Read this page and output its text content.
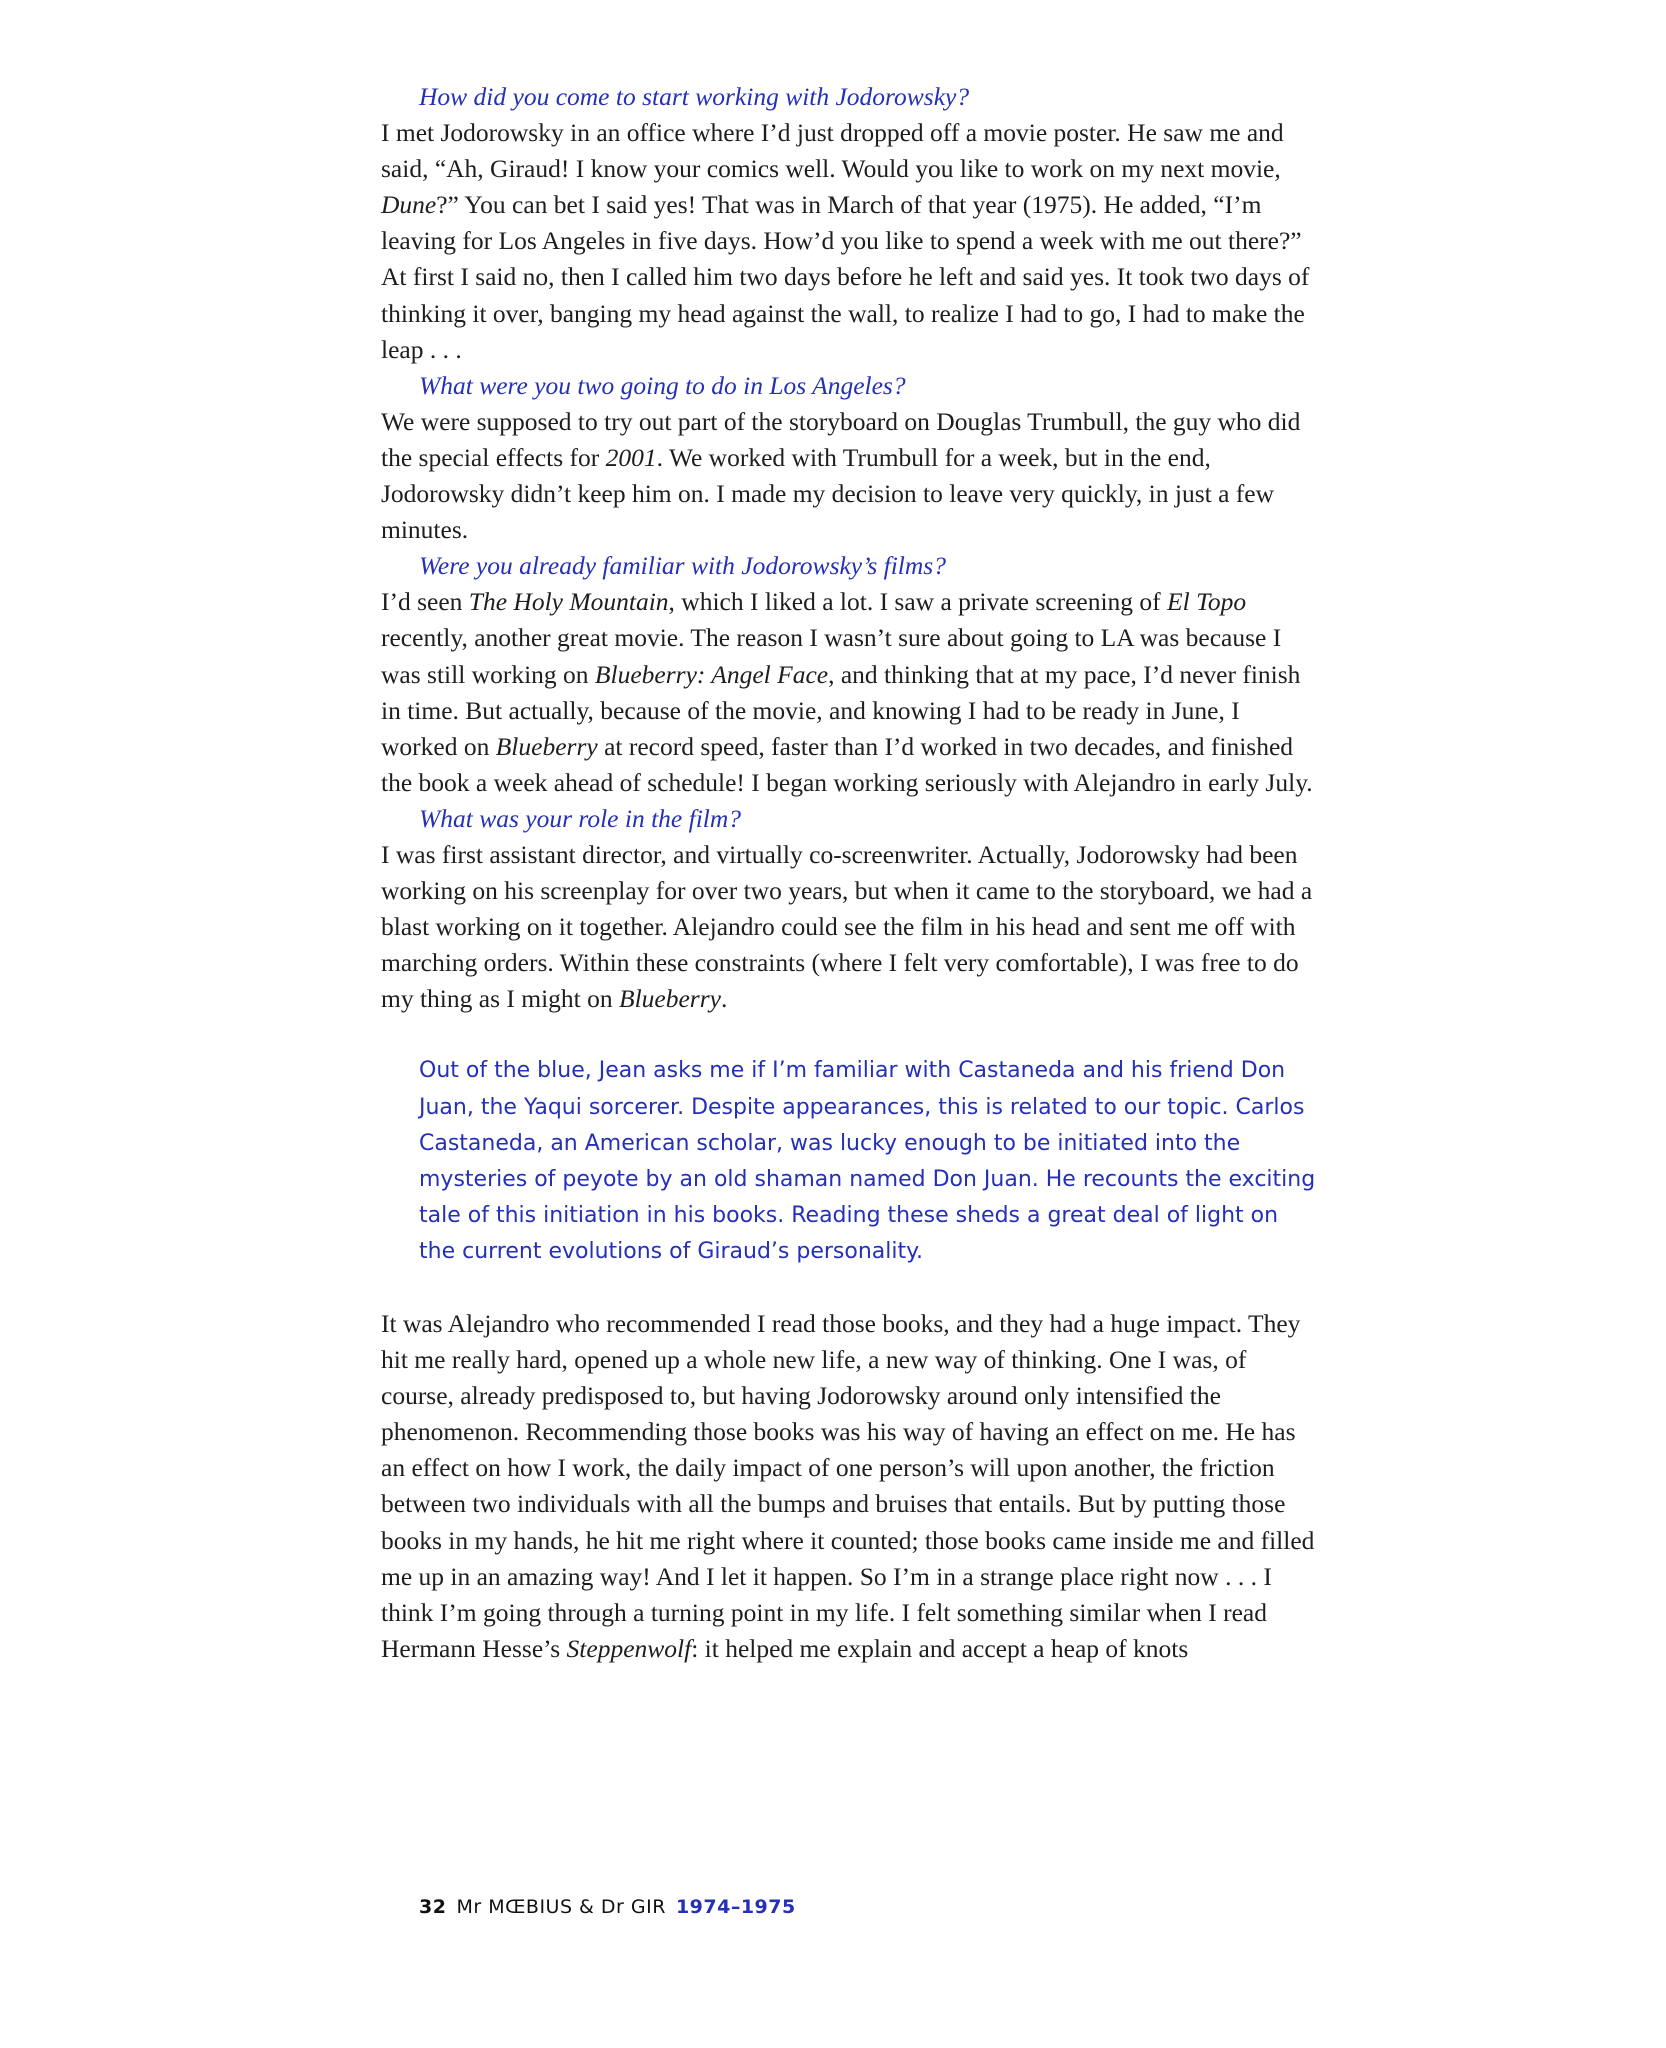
How did you come to start working with Jodorowsky?

I met Jodorowsky in an office where I’d just dropped off a movie poster. He saw me and said, “Ah, Giraud! I know your comics well. Would you like to work on my next movie, Dune?” You can bet I said yes! That was in March of that year (1975). He added, “I’m leaving for Los Angeles in five days. How’d you like to spend a week with me out there?” At first I said no, then I called him two days before he left and said yes. It took two days of thinking it over, banging my head against the wall, to realize I had to go, I had to make the leap . . .

What were you two going to do in Los Angeles?

We were supposed to try out part of the storyboard on Douglas Trumbull, the guy who did the special effects for 2001. We worked with Trumbull for a week, but in the end, Jodorowsky didn’t keep him on. I made my decision to leave very quickly, in just a few minutes.

Were you already familiar with Jodorowsky’s films?

I’d seen The Holy Mountain, which I liked a lot. I saw a private screening of El Topo recently, another great movie. The reason I wasn’t sure about going to LA was because I was still working on Blueberry: Angel Face, and thinking that at my pace, I’d never finish in time. But actually, because of the movie, and knowing I had to be ready in June, I worked on Blueberry at record speed, faster than I’d worked in two decades, and finished the book a week ahead of schedule! I began working seriously with Alejandro in early July.

What was your role in the film?

I was first assistant director, and virtually co-screenwriter. Actually, Jodorowsky had been working on his screenplay for over two years, but when it came to the storyboard, we had a blast working on it together. Alejandro could see the film in his head and sent me off with marching orders. Within these constraints (where I felt very comfortable), I was free to do my thing as I might on Blueberry.

Out of the blue, Jean asks me if I’m familiar with Castaneda and his friend Don Juan, the Yaqui sorcerer. Despite appearances, this is related to our topic. Carlos Castaneda, an American scholar, was lucky enough to be initiated into the mysteries of peyote by an old shaman named Don Juan. He recounts the exciting tale of this initiation in his books. Reading these sheds a great deal of light on the current evolutions of Giraud’s personality.

It was Alejandro who recommended I read those books, and they had a huge impact. They hit me really hard, opened up a whole new life, a new way of thinking. One I was, of course, already predisposed to, but having Jodorowsky around only intensified the phenomenon. Recommending those books was his way of having an effect on me. He has an effect on how I work, the daily impact of one person’s will upon another, the friction between two individuals with all the bumps and bruises that entails. But by putting those books in my hands, he hit me right where it counted; those books came inside me and filled me up in an amazing way! And I let it happen. So I’m in a strange place right now . . . I think I’m going through a turning point in my life. I felt something similar when I read Hermann Hesse’s Steppenwolf: it helped me explain and accept a heap of knots

32 Mr MŒBIUS & Dr GIR 1974–1975
